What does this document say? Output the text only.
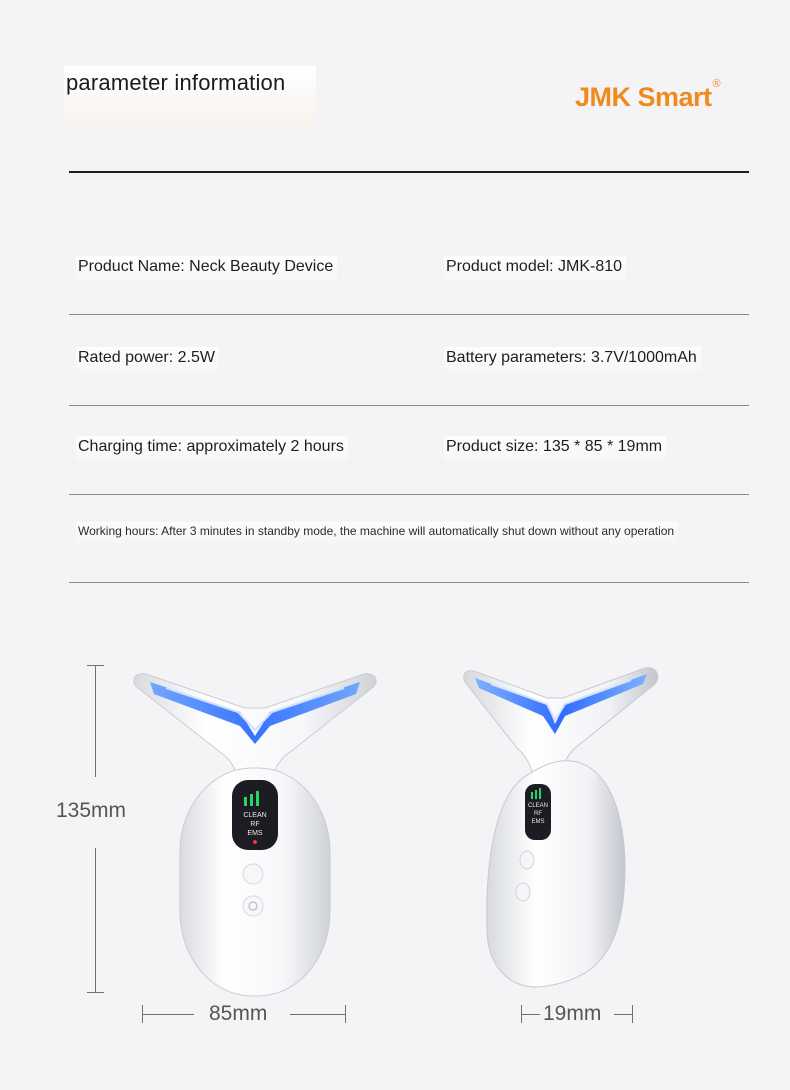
parameter information	JMK Smart®
Product Name: Neck Beauty Device	Product model: JMK-810
Rated power: 2.5W	Battery parameters: 3.7V/1000mAh
Charging time: approximately 2 hours	Product size: 135 * 85 * 19mm
Working hours: After 3 minutes in standby mode, the machine will automatically shut down without any operation
135mm
85mm	19mm
CLEAN
RF
EMS
CLEAN
RF
EMS
